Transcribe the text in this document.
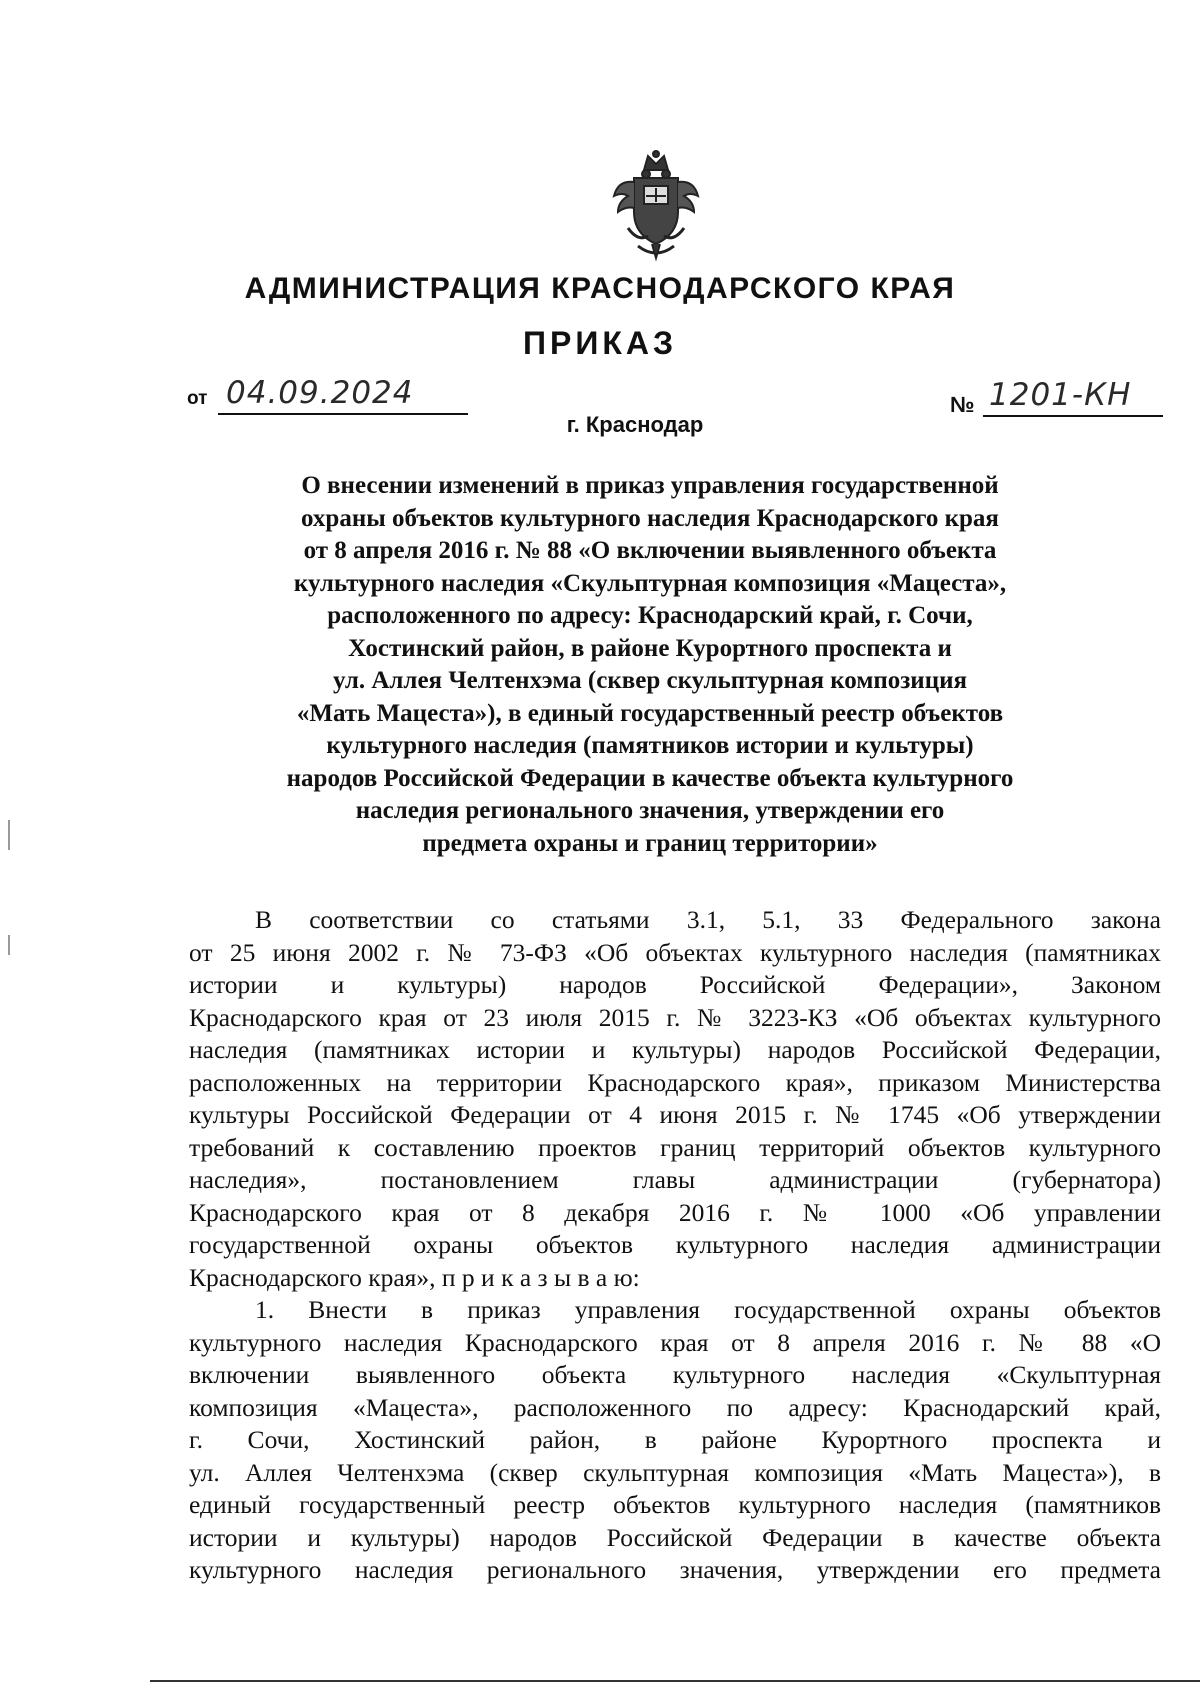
АДМИНИСТРАЦИЯ КРАСНОДАРСКОГО КРАЯ
ПРИКАЗ
от 04.09.2024
г. Краснодар
№ 1201-КН
О внесении изменений в приказ управления государственной
охраны объектов культурного наследия Краснодарского края
от 8 апреля 2016 г. № 88 «О включении выявленного объекта
культурного наследия «Скульптурная композиция «Мацеста»,
расположенного по адресу: Краснодарский край, г. Сочи,
Хостинский район, в районе Курортного проспекта и
ул. Аллея Челтенхэма (сквер скульптурная композиция
«Мать Мацеста»), в единый государственный реестр объектов
культурного наследия (памятников истории и культуры)
народов Российской Федерации в качестве объекта культурного
наследия регионального значения, утверждении его
предмета охраны и границ территории»
В соответствии со статьями 3.1, 5.1, 33 Федерального закона
от 25 июня 2002 г. № 73-ФЗ «Об объектах культурного наследия (памятниках
истории и культуры) народов Российской Федерации», Законом
Краснодарского края от 23 июля 2015 г. № 3223-КЗ «Об объектах культурного
наследия (памятниках истории и культуры) народов Российской Федерации,
расположенных на территории Краснодарского края», приказом Министерства
культуры Российской Федерации от 4 июня 2015 г. № 1745 «Об утверждении
требований к составлению проектов границ территорий объектов культурного
наследия», постановлением главы администрации (губернатора)
Краснодарского края от 8 декабря 2016 г. № 1000 «Об управлении
государственной охраны объектов культурного наследия администрации
Краснодарского края», п р и к а з ы в а ю:
1. Внести в приказ управления государственной охраны объектов
культурного наследия Краснодарского края от 8 апреля 2016 г. № 88 «О
включении выявленного объекта культурного наследия «Скульптурная
композиция «Мацеста», расположенного по адресу: Краснодарский край,
г. Сочи, Хостинский район, в районе Курортного проспекта и
ул. Аллея Челтенхэма (сквер скульптурная композиция «Мать Мацеста»), в
единый государственный реестр объектов культурного наследия (памятников
истории и культуры) народов Российской Федерации в качестве объекта
культурного наследия регионального значения, утверждении его предмета
